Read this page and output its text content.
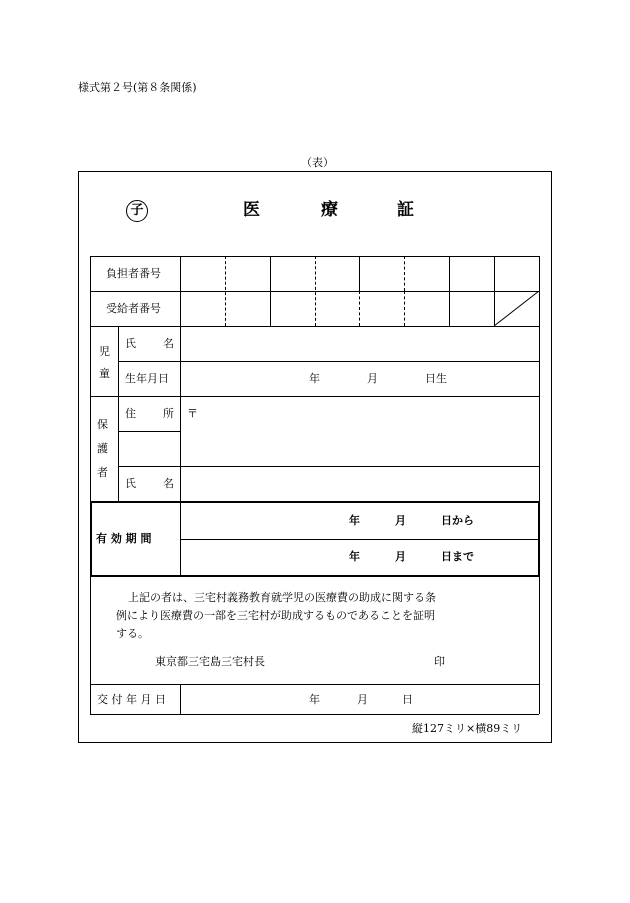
様式第２号(第８条関係)
（表）
子	医	療	証
負担者番号
受給者番号
児
童
氏 名
生年月日	年	月	日生
保
護
者
住 所 〒
氏 名
有 効 期 間
年	月	日から
年	月	日まで
上記の者は、三宅村義務教育就学児の医療費の助成に関する条
例により医療費の一部を三宅村が助成するものであることを証明
する。
東京都三宅島三宅村長	印
交 付 年 月 日	年	月	日
縦127ミリ×横89ミリ
